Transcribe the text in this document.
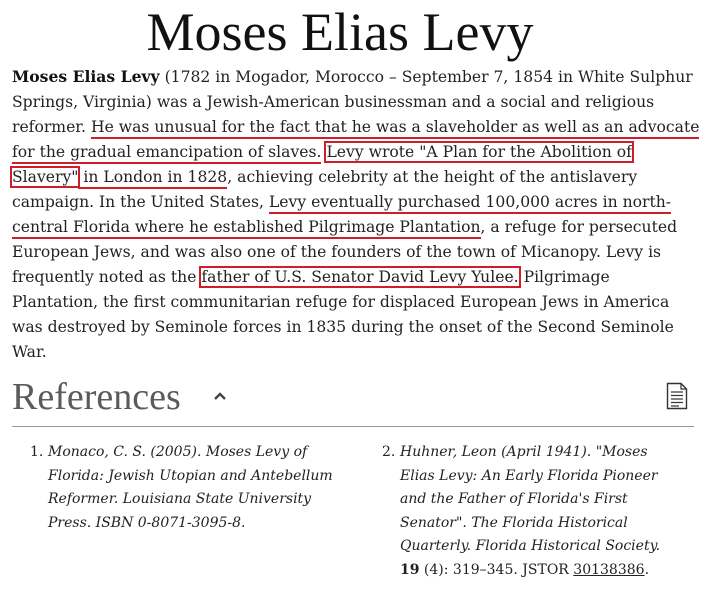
Moses Elias Levy
Moses Elias Levy (1782 in Mogador, Morocco – September 7, 1854 in White Sulphur Springs, Virginia) was a Jewish-American businessman and a social and religious reformer. He was unusual for the fact that he was a slaveholder as well as an advocate for the gradual emancipation of slaves. Levy wrote "A Plan for the Abolition of Slavery" in London in 1828, achieving celebrity at the height of the antislavery campaign. In the United States, Levy eventually purchased 100,000 acres in north-central Florida where he established Pilgrimage Plantation, a refuge for persecuted European Jews, and was also one of the founders of the town of Micanopy. Levy is frequently noted as the father of U.S. Senator David Levy Yulee. Pilgrimage Plantation, the first communitarian refuge for displaced European Jews in America was destroyed by Seminole forces in 1835 during the onset of the Second Seminole War.
References
1. Monaco, C. S. (2005). Moses Levy of Florida: Jewish Utopian and Antebellum Reformer. Louisiana State University Press. ISBN 0-8071-3095-8.
2. Huhner, Leon (April 1941). "Moses Elias Levy: An Early Florida Pioneer and the Father of Florida's First Senator". The Florida Historical Quarterly. Florida Historical Society. 19 (4): 319–345. JSTOR 30138386.
